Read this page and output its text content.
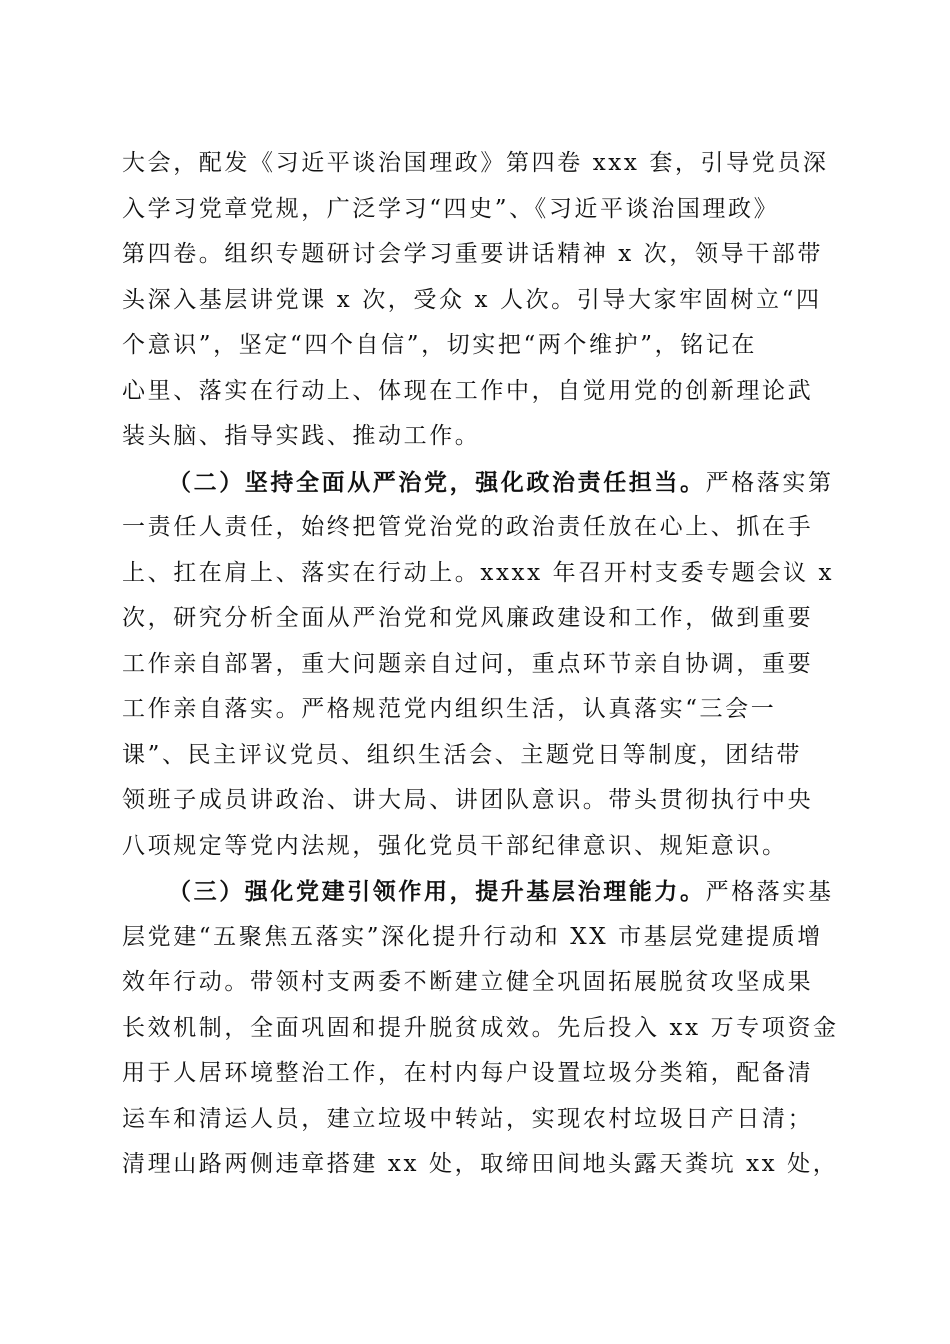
大会，配发《习近平谈治国理政》第四卷 xxx 套，引导党员深
入学习党章党规，广泛学习“四史”、《习近平谈治国理政》
第四卷。组织专题研讨会学习重要讲话精神 x 次，领导干部带
头深入基层讲党课 x 次，受众 x 人次。引导大家牢固树立“四
个意识”，坚定“四个自信”，切实把“两个维护”，铭记在
心里、落实在行动上、体现在工作中，自觉用党的创新理论武
装头脑、指导实践、推动工作。
（二）坚持全面从严治党，强化政治责任担当。严格落实第
一责任人责任，始终把管党治党的政治责任放在心上、抓在手
上、扛在肩上、落实在行动上。xxxx 年召开村支委专题会议 x
次，研究分析全面从严治党和党风廉政建设和工作，做到重要
工作亲自部署，重大问题亲自过问，重点环节亲自协调，重要
工作亲自落实。严格规范党内组织生活，认真落实“三会一
课”、民主评议党员、组织生活会、主题党日等制度，团结带
领班子成员讲政治、讲大局、讲团队意识。带头贯彻执行中央
八项规定等党内法规，强化党员干部纪律意识、规矩意识。
（三）强化党建引领作用，提升基层治理能力。严格落实基
层党建“五聚焦五落实”深化提升行动和 XX 市基层党建提质增
效年行动。带领村支两委不断建立健全巩固拓展脱贫攻坚成果
长效机制，全面巩固和提升脱贫成效。先后投入 xx 万专项资金
用于人居环境整治工作，在村内每户设置垃圾分类箱，配备清
运车和清运人员，建立垃圾中转站，实现农村垃圾日产日清；
清理山路两侧违章搭建 xx 处，取缔田间地头露天粪坑 xx 处，
